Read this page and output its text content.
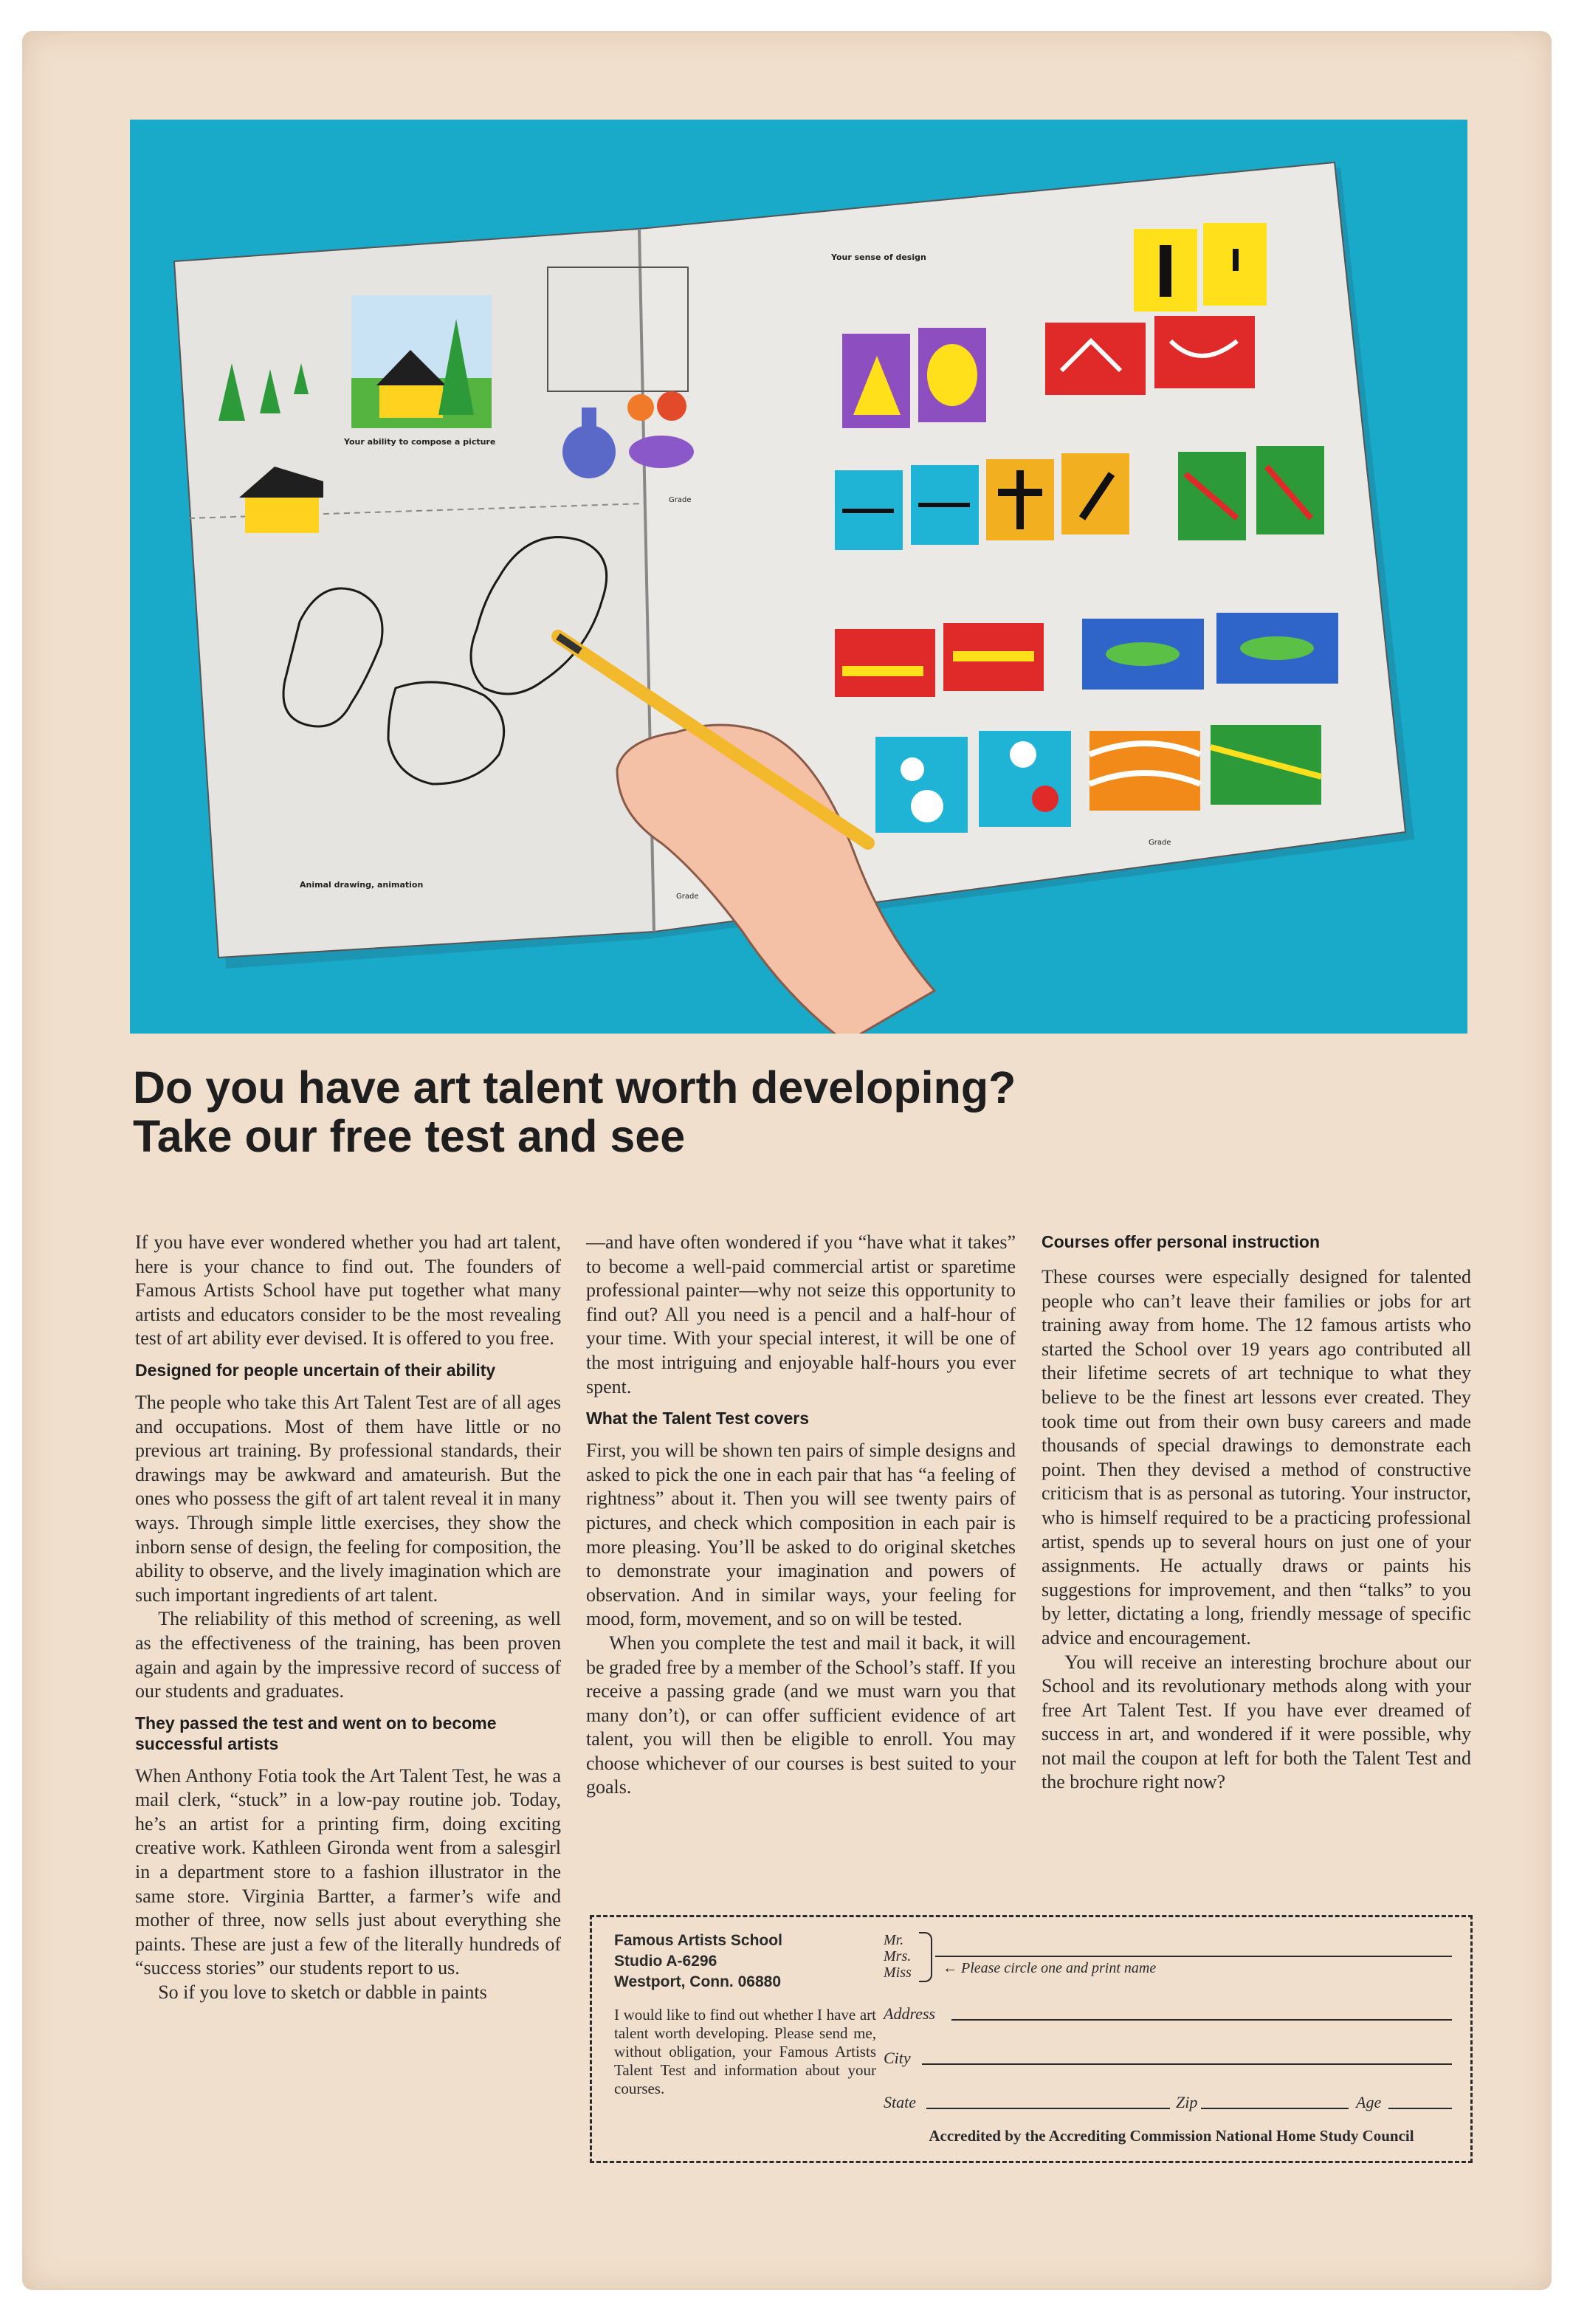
Your ability to compose a picture
Grade
Animal drawing, animation
Grade
Your sense of design
Grade
Do you have art talent worth developing?
Take our free test and see

If you have ever wondered whether you had art talent, here is your chance to find out. The founders of Famous Artists School have put together what many artists and educators consider to be the most revealing test of art ability ever devised. It is offered to you free.

Designed for people uncertain of their ability

The people who take this Art Talent Test are of all ages and occupations. Most of them have little or no previous art training. By professional standards, their drawings may be awkward and amateurish. But the ones who possess the gift of art talent reveal it in many ways. Through simple little exercises, they show the inborn sense of design, the feeling for composition, the ability to observe, and the lively imagination which are such important ingredients of art talent.

The reliability of this method of screening, as well as the effectiveness of the training, has been proven again and again by the impressive record of success of our students and graduates.

They passed the test and went on to become successful artists

When Anthony Fotia took the Art Talent Test, he was a mail clerk, “stuck” in a low-pay routine job. Today, he’s an artist for a printing firm, doing exciting creative work. Kathleen Gironda went from a salesgirl in a department store to a fashion illustrator in the same store. Virginia Bartter, a farmer’s wife and mother of three, now sells just about everything she paints. These are just a few of the literally hundreds of “success stories” our students report to us.

So if you love to sketch or dabble in paints

—and have often wondered if you “have what it takes” to become a well-paid commercial artist or sparetime professional painter—why not seize this opportunity to find out? All you need is a pencil and a half-hour of your time. With your special interest, it will be one of the most intriguing and enjoyable half-hours you ever spent.

What the Talent Test covers

First, you will be shown ten pairs of simple designs and asked to pick the one in each pair that has “a feeling of rightness” about it. Then you will see twenty pairs of pictures, and check which composition in each pair is more pleasing. You’ll be asked to do original sketches to demonstrate your imagination and powers of observation. And in similar ways, your feeling for mood, form, movement, and so on will be tested.

When you complete the test and mail it back, it will be graded free by a member of the School’s staff. If you receive a passing grade (and we must warn you that many don’t), or can offer sufficient evidence of art talent, you will then be eligible to enroll. You may choose whichever of our courses is best suited to your goals.

Courses offer personal instruction

These courses were especially designed for talented people who can’t leave their families or jobs for art training away from home. The 12 famous artists who started the School over 19 years ago contributed all their lifetime secrets of art technique to what they believe to be the finest art lessons ever created. They took time out from their own busy careers and made thousands of special drawings to demonstrate each point. Then they devised a method of constructive criticism that is as personal as tutoring. Your instructor, who is himself required to be a practicing professional artist, spends up to several hours on just one of your assignments. He actually draws or paints his suggestions for improvement, and then “talks” to you by letter, dictating a long, friendly message of specific advice and encouragement.

You will receive an interesting brochure about our School and its revolutionary methods along with your free Art Talent Test. If you have ever dreamed of success in art, and wondered if it were possible, why not mail the coupon at left for both the Talent Test and the brochure right now?

Famous Artists School
Studio A-6296
Westport, Conn. 06880
I would like to find out whether I have art talent worth developing. Please send me, without obligation, your Famous Artists Talent Test and information about your courses.
Mr.
Mrs.
Miss ← Please circle one and print name
Address
City
State	Zip	Age
Accredited by the Accrediting Commission National Home Study Council
